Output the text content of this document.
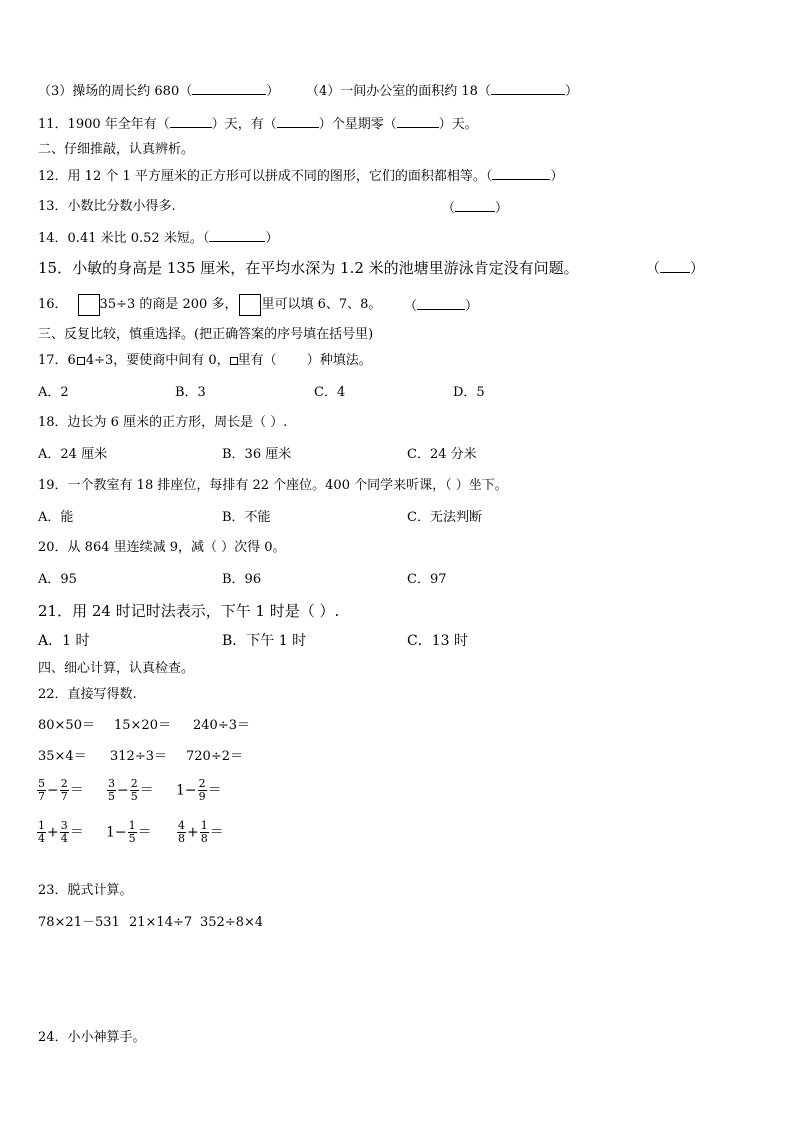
（3）操场的周长约 680（	） （4）一间办公室的面积约 18（	）
11．1900 年全年有（	）天，有（	）个星期零（	）天。
二、仔细推敲，认真辨析。
12．用 12 个 1 平方厘米的正方形可以拼成不同的图形，它们的面积都相等。（	）
13．小数比分数小得多.	（	）
14．0.41 米比 0.52 米短。（	）
15．小敏的身高是 135 厘米，在平均水深为 1.2 米的池塘里游泳肯定没有问题。	（ ）
16． 35÷3 的商是 200 多， 里可以填 6、7、8。 （	）
三、反复比较，慎重选择。(把正确答案的序号填在括号里)
17．6 4÷3，要使商中间有 0， 里有（ ）种填法。
A．2	B．3	C．4	D．5
18．边长为 6 厘米的正方形，周长是（ ）.
A．24 厘米	B．36 厘米	C．24 分米
19．一个教室有 18 排座位，每排有 22 个座位。400 个同学来听课，（ ）坐下。
A．能	B．不能	C．无法判断
20．从 864 里连续减 9，减（ ）次得 0。
A．95	B．96	C．97
21．用 24 时记时法表示，下午 1 时是（ ）.
A．1 时	B．下午 1 时	C．13 时
四、细心计算，认真检查。
22．直接写得数.
80×50＝ 15×20＝ 240÷3＝
35×4＝ 312÷3＝ 720÷2＝
$\frac{5}{7} - \frac{2}{7} = \frac{3}{5} - \frac{2}{5} = 1- \frac{2}{9}$ ＝
$\frac{1}{4} + \frac{3}{4} = 1- \frac{1}{5} = \frac{4}{8} + \frac{1}{8}$ ＝
23．脱式计算。
78×21－531 21×14÷7 352÷8×4
24．小小神算手。
